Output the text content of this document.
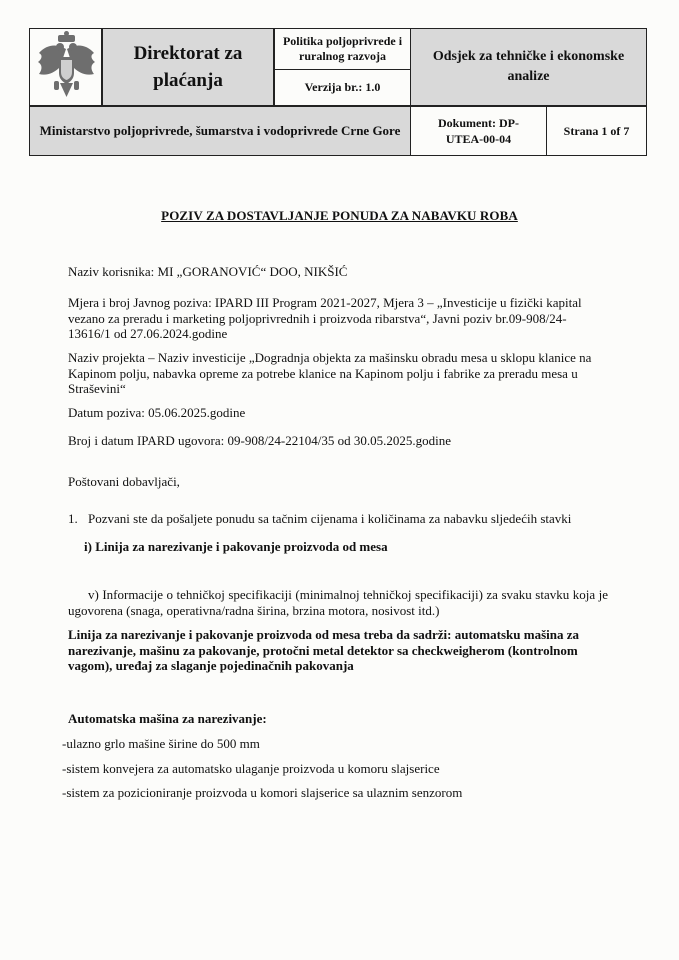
Direktorat za plaćanja
Politika poljoprivrede i ruralnog razvoja
Verzija br.: 1.0
Odsjek za tehničke i ekonomske analize
Ministarstvo poljoprivrede, šumarstva i vodoprivrede Crne Gore	Dokument: DP-UTEA-00-04
Strana 1 of 7
POZIV ZA DOSTAVLJANJE PONUDA ZA NABAVKU ROBA
Naziv korisnika: MI „GORANOVIĆ“ DOO, NIKŠIĆ
Mjera i broj Javnog poziva: IPARD III Program 2021-2027, Mjera 3 – „Investicije u fizički kapital vezano za preradu i marketing poljoprivrednih i proizvoda ribarstva“, Javni poziv br.09-908/24-13616/1 od 27.06.2024.godine
Naziv projekta – Naziv investicije „Dogradnja objekta za mašinsku obradu mesa u sklopu klanice na Kapinom polju, nabavka opreme za potrebe klanice na Kapinom polju i fabrike za preradu mesa u Straševini“
Datum poziva: 05.06.2025.godine
Broj i datum IPARD ugovora: 09-908/24-22104/35 od 30.05.2025.godine
Poštovani dobavljači,
1. Pozvani ste da pošaljete ponudu sa tačnim cijenama i količinama za nabavku sljedećih stavki
i) Linija za narezivanje i pakovanje proizvoda od mesa
v) Informacije o tehničkoj specifikaciji (minimalnoj tehničkoj specifikaciji) za svaku stavku koja je ugovorena (snaga, operativna/radna širina, brzina motora, nosivost itd.)
Linija za narezivanje i pakovanje proizvoda od mesa treba da sadrži: automatsku mašina za narezivanje, mašinu za pakovanje, protočni metal detektor sa checkweigherom (kontrolnom vagom), uređaj za slaganje pojedinačnih pakovanja
Automatska mašina za narezivanje:
-ulazno grlo mašine širine do 500 mm
-sistem konvejera za automatsko ulaganje proizvoda u komoru slajserice
-sistem za pozicioniranje proizvoda u komori slajserice sa ulaznim senzorom
